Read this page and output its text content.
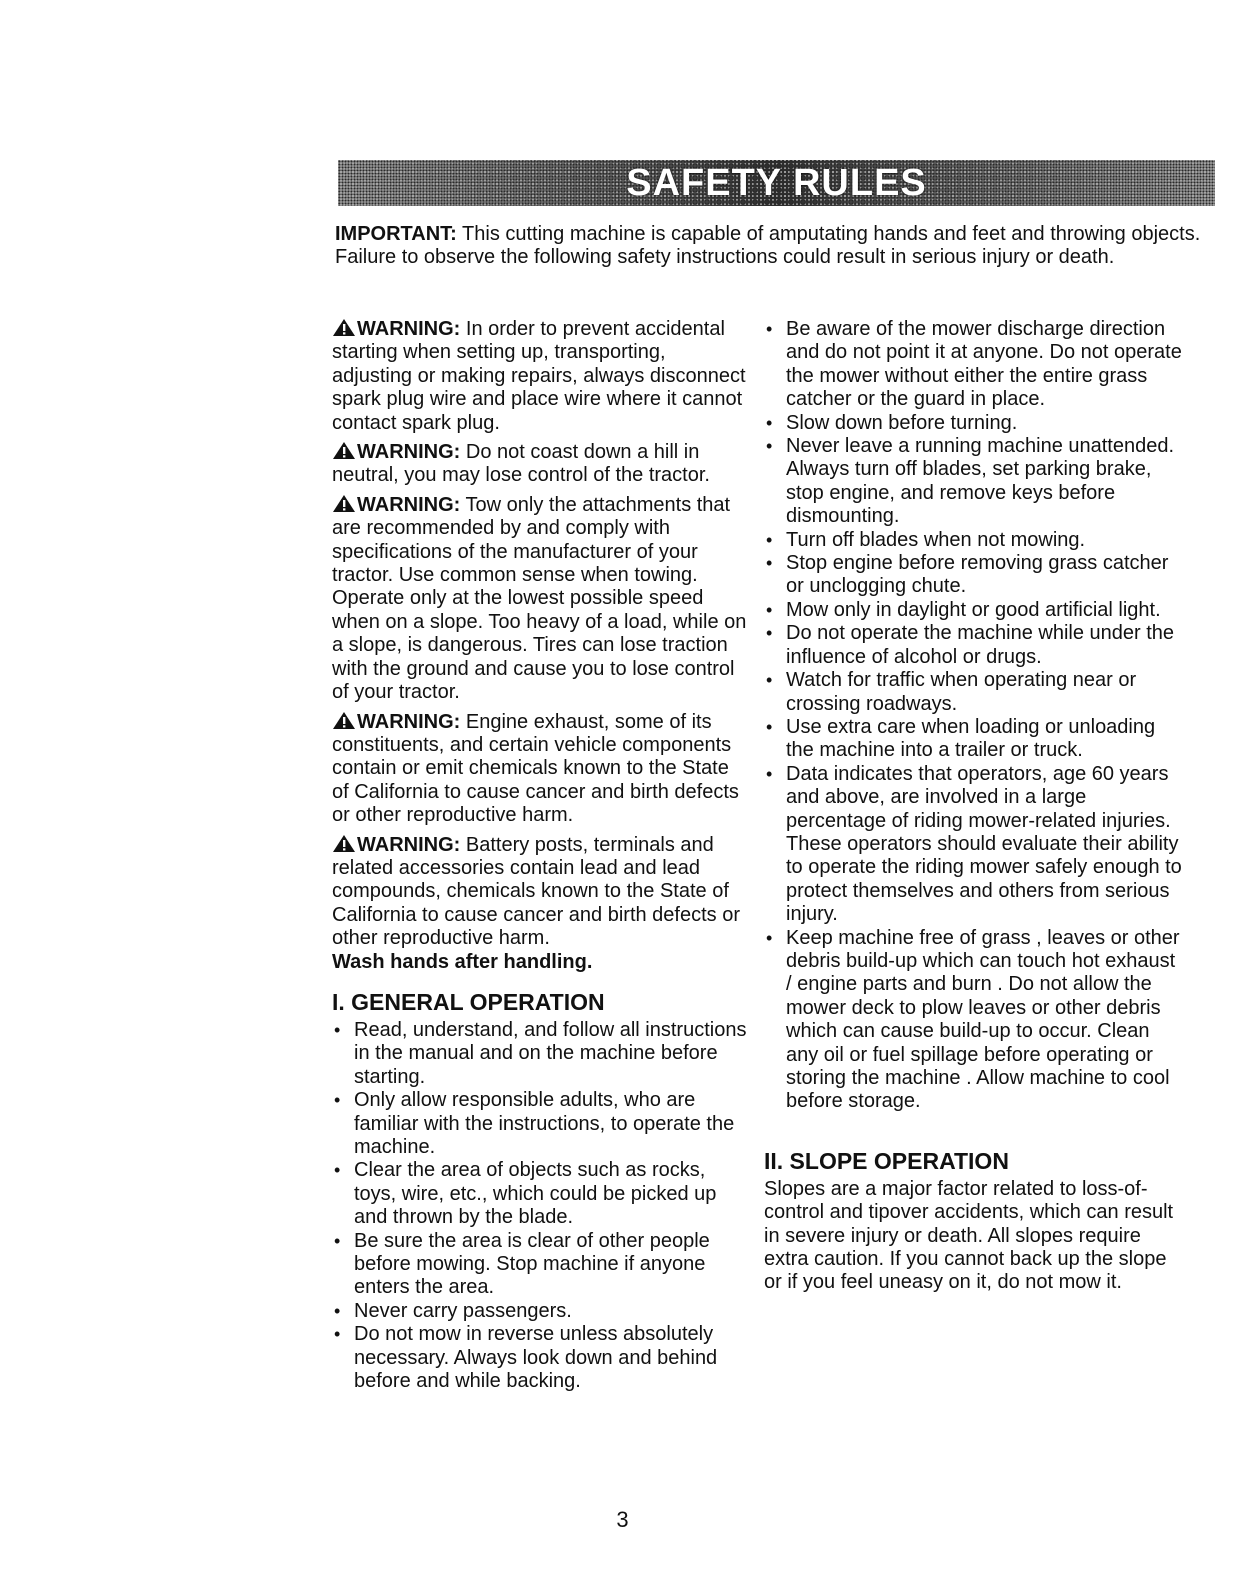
SAFETY RULES
IMPORTANT: This cutting machine is capable of amputating hands and feet and throwing objects. Failure to observe the following safety instructions could result in serious injury or death.

WARNING: In order to prevent accidental starting when setting up, transporting, adjusting or making repairs, always disconnect spark plug wire and place wire where it cannot contact spark plug.

WARNING: Do not coast down a hill in neutral, you may lose control of the tractor.

WARNING: Tow only the attachments that are recommended by and comply with specifications of the manufacturer of your tractor. Use common sense when towing. Operate only at the lowest possible speed when on a slope. Too heavy of a load, while on a slope, is dangerous. Tires can lose traction with the ground and cause you to lose control of your tractor.

WARNING: Engine exhaust, some of its constituents, and certain vehicle components contain or emit chemicals known to the State of California to cause cancer and birth defects or other reproductive harm.

WARNING: Battery posts, terminals and related accessories contain lead and lead compounds, chemicals known to the State of California to cause cancer and birth defects or other reproductive harm.

Wash hands after handling.
I. GENERAL OPERATION
• Read, understand, and follow all instructions in the manual and on the machine before starting.
• Only allow responsible adults, who are familiar with the instructions, to operate the machine.
• Clear the area of objects such as rocks, toys, wire, etc., which could be picked up and thrown by the blade.
• Be sure the area is clear of other people before mowing. Stop machine if anyone enters the area.
• Never carry passengers.
• Do not mow in reverse unless absolutely necessary. Always look down and behind before and while backing.
• Be aware of the mower discharge direction and do not point it at anyone. Do not operate the mower without either the entire grass catcher or the guard in place.
• Slow down before turning.
• Never leave a running machine unattended. Always turn off blades, set parking brake, stop engine, and remove keys before dismounting.
• Turn off blades when not mowing.
• Stop engine before removing grass catcher or unclogging chute.
• Mow only in daylight or good artificial light.
• Do not operate the machine while under the influence of alcohol or drugs.
• Watch for traffic when operating near or crossing roadways.
• Use extra care when loading or unloading the machine into a trailer or truck.
• Data indicates that operators, age 60 years and above, are involved in a large percentage of riding mower-related injuries. These operators should evaluate their ability to operate the riding mower safely enough to protect themselves and others from serious injury.
• Keep machine free of grass , leaves or other debris build-up which can touch hot exhaust / engine parts and burn . Do not allow the mower deck to plow leaves or other debris which can cause build-up to occur. Clean any oil or fuel spillage before operating or storing the machine . Allow machine to cool before storage.
II. SLOPE OPERATION
Slopes are a major factor related to loss-of-control and tipover accidents, which can result in severe injury or death. All slopes require extra caution. If you cannot back up the slope or if you feel uneasy on it, do not mow it.
3
